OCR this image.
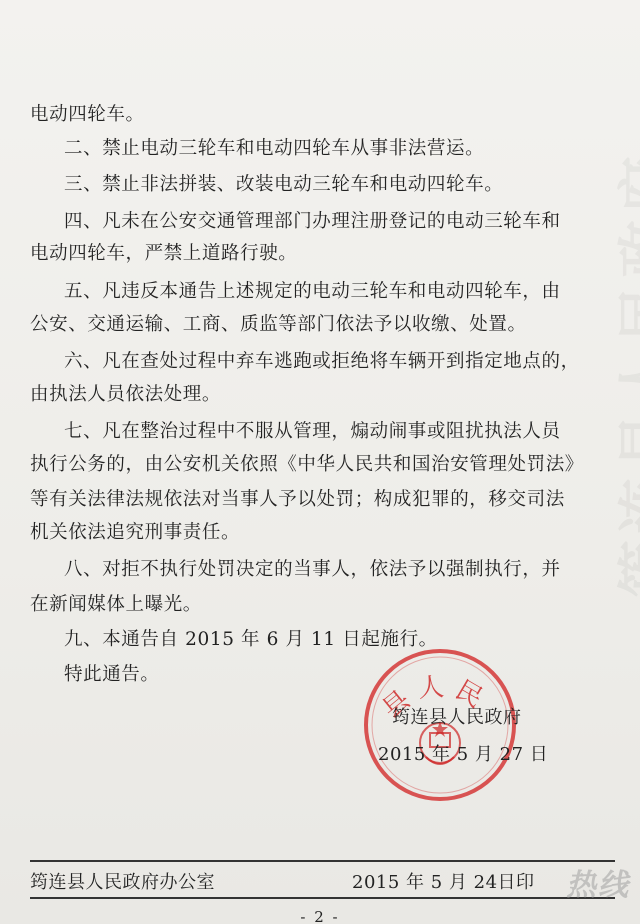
电动四轮车。
二、禁止电动三轮车和电动四轮车从事非法营运。
三、禁止非法拼装、改装电动三轮车和电动四轮车。
四、凡未在公安交通管理部门办理注册登记的电动三轮车和
电动四轮车，严禁上道路行驶。
五、凡违反本通告上述规定的电动三轮车和电动四轮车，由
公安、交通运输、工商、质监等部门依法予以收缴、处置。
六、凡在查处过程中弃车逃跑或拒绝将车辆开到指定地点的，
由执法人员依法处理。
七、凡在整治过程中不服从管理，煽动闹事或阻扰执法人员
执行公务的，由公安机关依照《中华人民共和国治安管理处罚法》
等有关法律法规依法对当事人予以处罚；构成犯罪的，移交司法
机关依法追究刑事责任。
八、对拒不执行处罚决定的当事人，依法予以强制执行，并
在新闻媒体上曝光。
九、本通告自 2015 年 6 月 11 日起施行。
特此通告。
县人民
筠连县人民政府
2015 年 5 月 27 日
筠连县人民政府办公室	2015 年 5 月 24日印
- 2 -
热线
